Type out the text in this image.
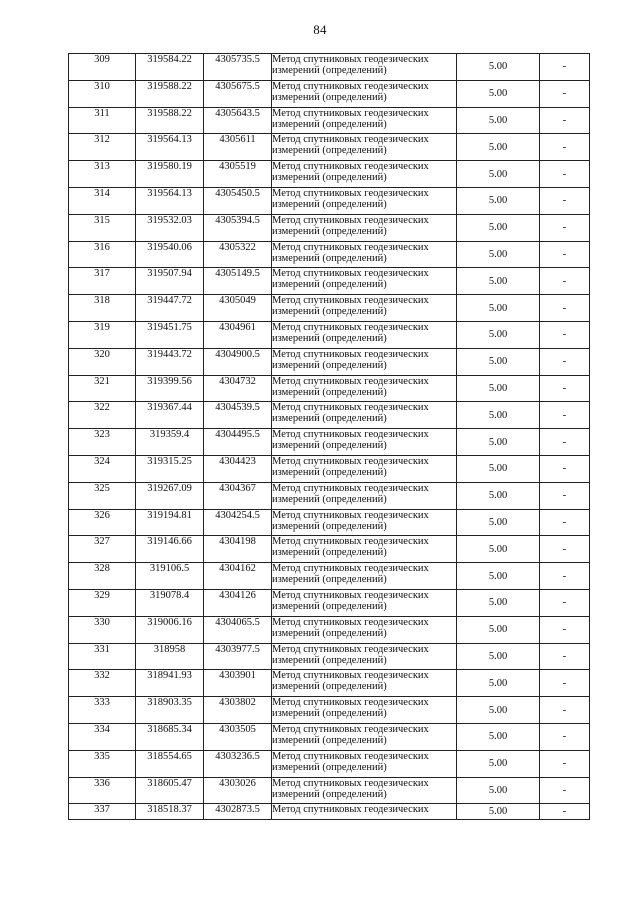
84
309	319584.22	4305735.5	Метод спутниковых геодезических измерений (определений)	5.00	-
310	319588.22	4305675.5	Метод спутниковых геодезических измерений (определений)	5.00	-
311	319588.22	4305643.5	Метод спутниковых геодезических измерений (определений)	5.00	-
312	319564.13	4305611	Метод спутниковых геодезических измерений (определений)	5.00	-
313	319580.19	4305519	Метод спутниковых геодезических измерений (определений)	5.00	-
314	319564.13	4305450.5	Метод спутниковых геодезических измерений (определений)	5.00	-
315	319532.03	4305394.5	Метод спутниковых геодезических измерений (определений)	5.00	-
316	319540.06	4305322	Метод спутниковых геодезических измерений (определений)	5.00	-
317	319507.94	4305149.5	Метод спутниковых геодезических измерений (определений)	5.00	-
318	319447.72	4305049	Метод спутниковых геодезических измерений (определений)	5.00	-
319	319451.75	4304961	Метод спутниковых геодезических измерений (определений)	5.00	-
320	319443.72	4304900.5	Метод спутниковых геодезических измерений (определений)	5.00	-
321	319399.56	4304732	Метод спутниковых геодезических измерений (определений)	5.00	-
322	319367.44	4304539.5	Метод спутниковых геодезических измерений (определений)	5.00	-
323	319359.4	4304495.5	Метод спутниковых геодезических измерений (определений)	5.00	-
324	319315.25	4304423	Метод спутниковых геодезических измерений (определений)	5.00	-
325	319267.09	4304367	Метод спутниковых геодезических измерений (определений)	5.00	-
326	319194.81	4304254.5	Метод спутниковых геодезических измерений (определений)	5.00	-
327	319146.66	4304198	Метод спутниковых геодезических измерений (определений)	5.00	-
328	319106.5	4304162	Метод спутниковых геодезических измерений (определений)	5.00	-
329	319078.4	4304126	Метод спутниковых геодезических измерений (определений)	5.00	-
330	319006.16	4304065.5	Метод спутниковых геодезических измерений (определений)	5.00	-
331	318958	4303977.5	Метод спутниковых геодезических измерений (определений)	5.00	-
332	318941.93	4303901	Метод спутниковых геодезических измерений (определений)	5.00	-
333	318903.35	4303802	Метод спутниковых геодезических измерений (определений)	5.00	-
334	318685.34	4303505	Метод спутниковых геодезических измерений (определений)	5.00	-
335	318554.65	4303236.5	Метод спутниковых геодезических измерений (определений)	5.00	-
336	318605.47	4303026	Метод спутниковых геодезических измерений (определений)	5.00	-
337	318518.37	4302873.5	Метод спутниковых геодезических	5.00	-
